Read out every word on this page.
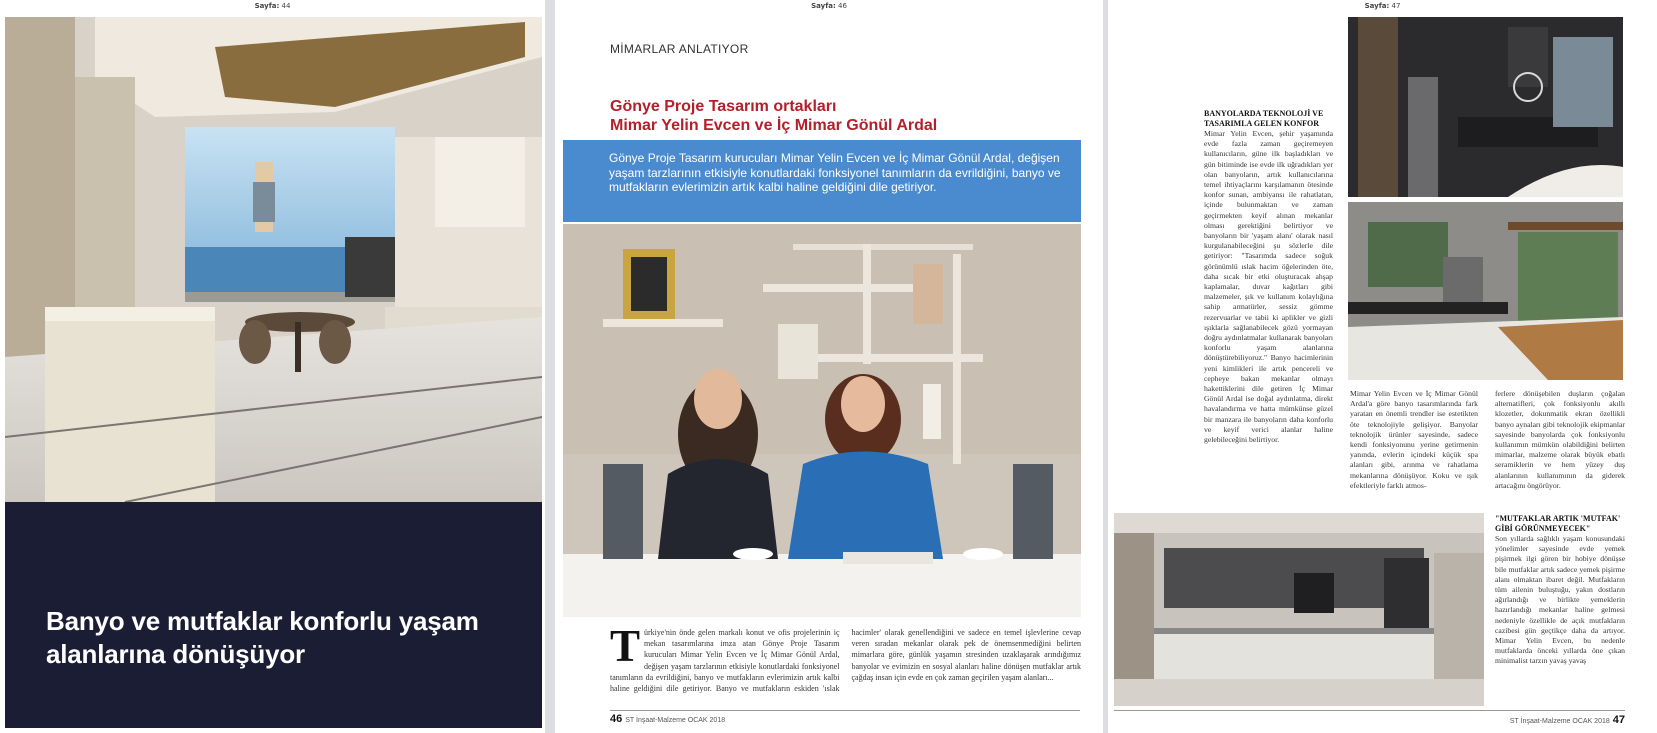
Sayfa: 44
Banyo ve mutfaklar konforlu yaşam alanlarına dönüşüyor
Sayfa: 46
MİMARLAR ANLATIYOR
Gönye Proje Tasarım ortakları
Mimar Yelin Evcen ve İç Mimar Gönül Ardal
Gönye Proje Tasarım kurucuları Mimar Yelin Evcen ve İç Mimar Gönül Ardal, değişen yaşam tarzlarının etkisiyle konutlardaki fonksiyonel tanımların da evrildiğini, banyo ve mutfakların evlerimizin artık kalbi haline geldiğini dile getiriyor.
Türkiye'nin önde gelen markalı konut ve ofis projelerinin iç mekan tasarımlarına imza atan Gönye Proje Tasarım kurucuları Mimar Yelin Evcen ve İç Mimar Gönül Ardal, değişen yaşam tarzlarının etkisiyle konutlardaki fonksiyonel tanımların da evrildiğini, banyo ve mutfakların evlerimizin artık kalbi haline geldiğini dile getiriyor. Banyo ve mutfakların eskiden 'ıslak hacimler' olarak genellendiğini ve sadece en temel işlevlerine cevap veren sıradan mekanlar olarak pek de önemsenmediğini belirten mimarlara göre, günlük yaşamın stresinden uzaklaşarak arındığımız banyolar ve evimizin en sosyal alanları haline dönüşen mutfaklar artık çağdaş insan için evde en çok zaman geçirilen yaşam alanları...
46 ST İnşaat-Malzeme OCAK 2018
Sayfa: 47
BANYOLARDA TEKNOLOJİ VE
TASARIMLA GELEN KONFOR
Mimar Yelin Evcen, şehir yaşamında evde fazla zaman geçiremeyen kullanıcıların, güne ilk başladıkları ve gün bitiminde ise evde ilk uğradıkları yer olan banyoların, artık kullanıcılarına temel ihtiyaçlarını karşılamanın ötesinde konfor sunan, ambiyansı ile rahatlatan, içinde bulunmaktan ve zaman geçirmekten keyif alınan mekanlar olması gerektiğini belirtiyor ve banyoların bir 'yaşam alanı' olarak nasıl kurgulanabileceğini şu sözlerle dile getiriyor: "Tasarımda sadece soğuk görünümlü ıslak hacim öğelerinden öte, daha sıcak bir etki oluşturacak ahşap kaplamalar, duvar kağıtları gibi malzemeler, şık ve kullanım kolaylığına sahip armatürler, sessiz gömme rezervuarlar ve tabii ki aplikler ve gizli ışıklarla sağlanabilecek gözü yormayan doğru aydınlatmalar kullanarak banyoları konforlu yaşam alanlarına dönüştürebiliyoruz." Banyo hacimlerinin yeni kimlikleri ile artık pencereli ve cepheye bakan mekanlar olmayı hakettiklerini dile getiren İç Mimar Gönül Ardal ise doğal aydınlatma, direkt havalandırma ve hatta mümkünse güzel bir manzara ile banyoların daha konforlu ve keyif verici alanlar haline gelebileceğini belirtiyor.
Mimar Yelin Evcen ve İç Mimar Gönül Ardal'a göre banyo tasarımlarında fark yaratan en önemli trendler ise estetikten öte teknolojiyle gelişiyor. Banyolar teknolojik ürünler sayesinde, sadece kendi fonksiyonunu yerine getirmenin yanında, evlerin içindeki küçük spa alanları gibi, arınma ve rahatlama mekanlarına dönüşüyor. Koku ve ışık efektleriyle farklı atmos-
ferlere dönüşebilen duşların çoğalan alternatifleri, çok fonksiyonlu akıllı klozetler, dokunmatik ekran özellikli banyo aynaları gibi teknolojik ekipmanlar sayesinde banyolarda çok fonksiyonlu kullanımın mümkün olabildiğini belirten mimarlar, malzeme olarak büyük ebatlı seramiklerin ve hem yüzey duş alanlarının kullanımının da giderek artacağını öngörüyor.
"MUTFAKLAR ARTIK 'MUTFAK'
GİBİ GÖRÜNMEYECEK"
Son yıllarda sağlıklı yaşam konusundaki yönelimler sayesinde evde yemek pişirmek ilgi gören bir hobiye dönüşse bile mutfaklar artık sadece yemek pişirme alanı olmaktan ibaret değil. Mutfakların tüm ailenin buluştuğu, yakın dostların ağırlandığı ve birlikte yemeklerin hazırlandığı mekanlar haline gelmesi nedeniyle özellikle de açık mutfakların cazibesi gün geçtikçe daha da artıyor. Mimar Yelin Evcen, bu nedenle mutfaklarda önceki yıllarda öne çıkan minimalist tarzın yavaş yavaş
ST İnşaat-Malzeme OCAK 2018 47
